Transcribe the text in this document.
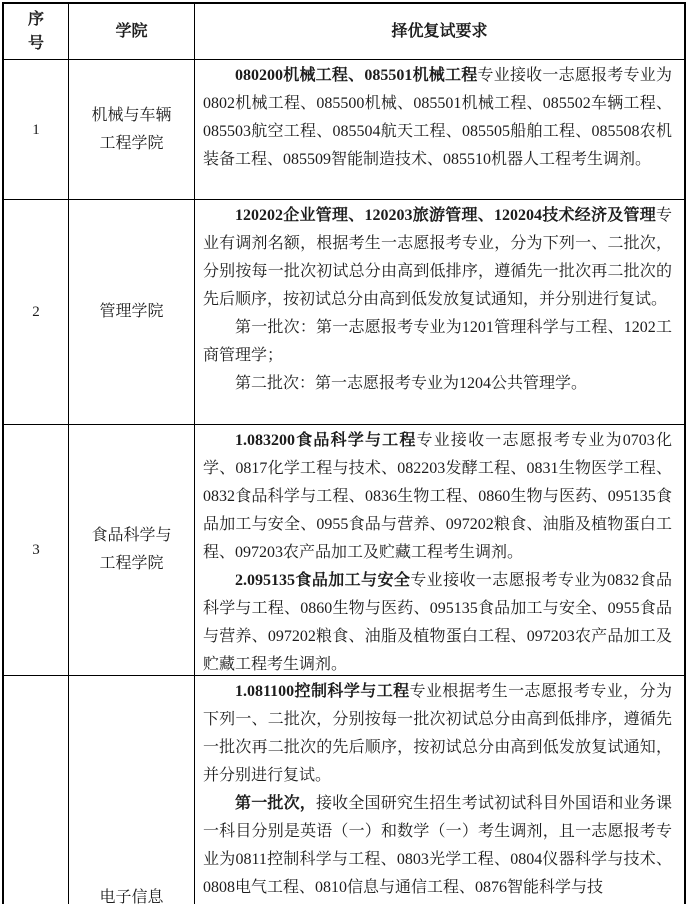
序
号
学院	择优复试要求
1
机械与车辆
工程学院

080200机械工程、085501机械工程专业接收一志愿报考专业为0802机械工程、085500机械、085501机械工程、085502车辆工程、085503航空工程、085504航天工程、085505船舶工程、085508农机装备工程、085509智能制造技术、085510机器人工程考生调剂。

2	管理学院

120202企业管理、120203旅游管理、120204技术经济及管理专业有调剂名额，根据考生一志愿报考专业，分为下列一、二批次，分别按每一批次初试总分由高到低排序，遵循先一批次再二批次的先后顺序，按初试总分由高到低发放复试通知，并分别进行复试。

第一批次：第一志愿报考专业为1201管理科学与工程、1202工商管理学；

第二批次：第一志愿报考专业为1204公共管理学。

3
食品科学与
工程学院

1.083200食品科学与工程专业接收一志愿报考专业为0703化学、0817化学工程与技术、082203发酵工程、0831生物医学工程、0832食品科学与工程、0836生物工程、0860生物与医药、095135食品加工与安全、0955食品与营养、097202粮食、油脂及植物蛋白工程、097203农产品加工及贮藏工程考生调剂。

2.095135食品加工与安全专业接收一志愿报考专业为0832食品科学与工程、0860生物与医药、095135食品加工与安全、0955食品与营养、097202粮食、油脂及植物蛋白工程、097203农产品加工及贮藏工程考生调剂。

电子信息

1.081100控制科学与工程专业根据考生一志愿报考专业，分为下列一、二批次，分别按每一批次初试总分由高到低排序，遵循先一批次再二批次的先后顺序，按初试总分由高到低发放复试通知，并分别进行复试。

第一批次，接收全国研究生招生考试初试科目外国语和业务课一科目分别是英语（一）和数学（一）考生调剂，且一志愿报考专业为0811控制科学与工程、0803光学工程、0804仪器科学与技术、0808电气工程、0810信息与通信工程、0876智能科学与技
